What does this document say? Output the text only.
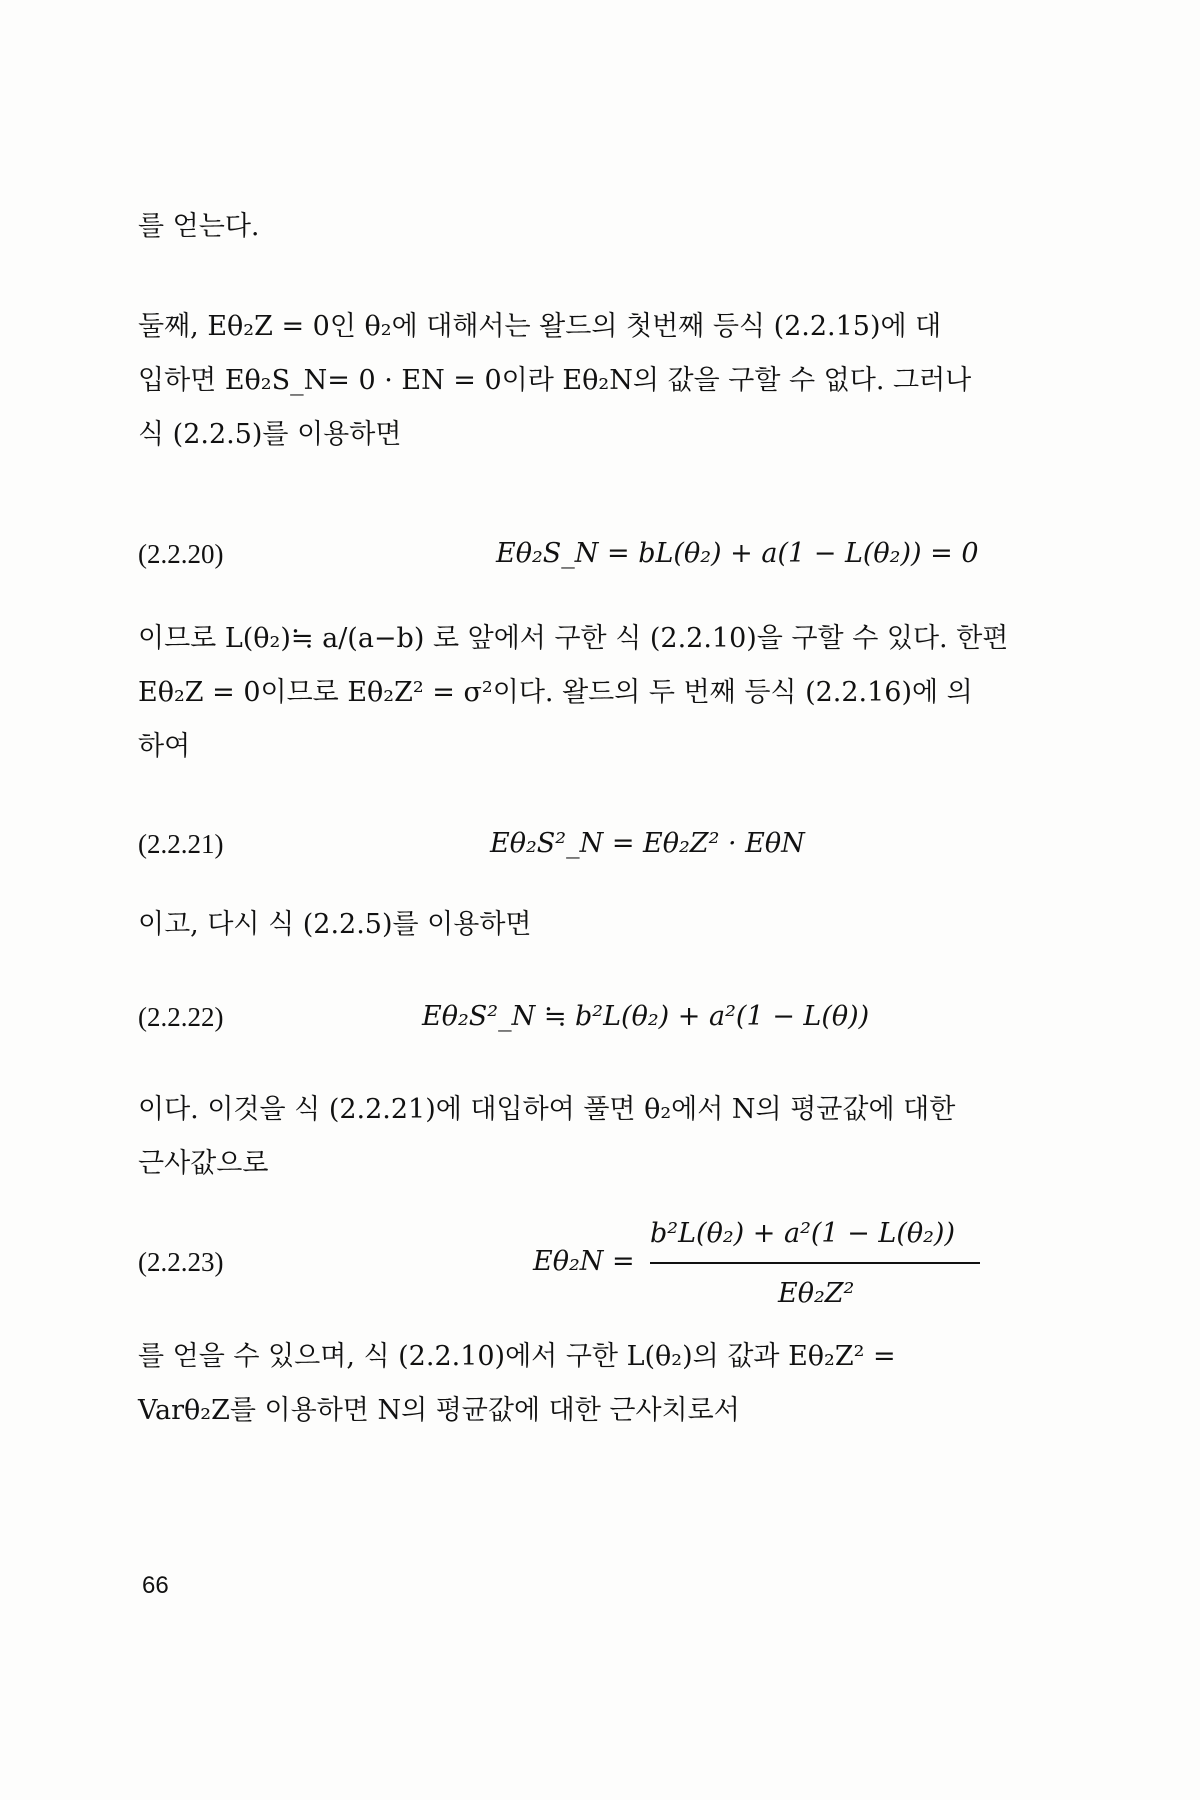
를 얻는다.
둘째, Eθ₂Z = 0인 θ₂에 대해서는 왈드의 첫번째 등식 (2.2.15)에 대
입하면 Eθ₂S_N= 0 · EN = 0이라 Eθ₂N의 값을 구할 수 없다. 그러나
식 (2.2.5)를 이용하면
(2.2.20)	Eθ₂S_N = bL(θ₂) + a(1 − L(θ₂)) = 0
이므로 L(θ₂)≒ a/(a−b) 로 앞에서 구한 식 (2.2.10)을 구할 수 있다. 한편
Eθ₂Z = 0이므로 Eθ₂Z² = σ²이다. 왈드의 두 번째 등식 (2.2.16)에 의
하여
(2.2.21)	Eθ₂S²_N = Eθ₂Z² · EθN
이고, 다시 식 (2.2.5)를 이용하면
(2.2.22)	Eθ₂S²_N ≒ b²L(θ₂) + a²(1 − L(θ))
이다. 이것을 식 (2.2.21)에 대입하여 풀면 θ₂에서 N의 평균값에 대한
근사값으로
(2.2.23)	Eθ₂N =
b²L(θ₂) + a²(1 − L(θ₂))
Eθ₂Z²
를 얻을 수 있으며, 식 (2.2.10)에서 구한 L(θ₂)의 값과 Eθ₂Z² =
Varθ₂Z를 이용하면 N의 평균값에 대한 근사치로서
66
